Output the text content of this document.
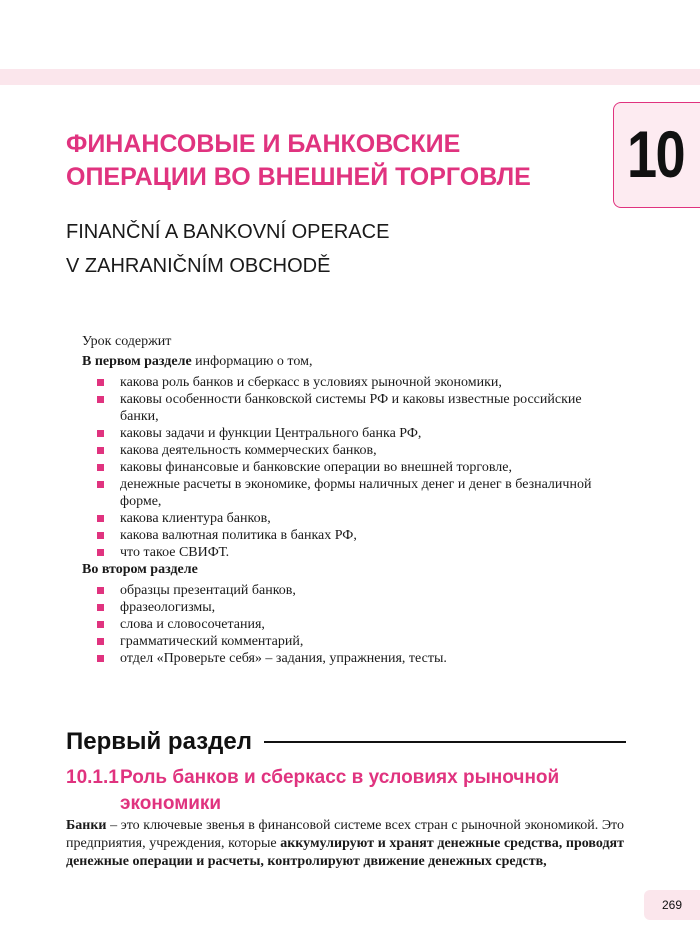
10
ФИНАНСОВЫЕ И БАНКОВСКИЕ
ОПЕРАЦИИ ВО ВНЕШНЕЙ ТОРГОВЛЕ
FINANČNÍ A BANKOVNÍ OPERACE
V ZAHRANIČNÍM OBCHODĚ

Урок содержит

В первом разделе информацию о том,

какова роль банков и сберкасс в условиях рыночной экономики,
каковы особенности банковской системы РФ и каковы известные российские банки,
каковы задачи и функции Центрального банка РФ,
какова деятельность коммерческих банков,
каковы финансовые и банковские операции во внешней торговле,
денежные расчеты в экономике, формы наличных денег и денег в безналичной форме,
какова клиентура банков,
какова валютная политика в банках РФ,
что такое СВИФТ.

Во втором разделе

образцы презентаций банков,
фразеологизмы,
слова и словосочетания,
грамматический комментарий,
отдел «Проверьте себя» – задания, упражнения, тесты.
Первый раздел
10.1.1Роль банков и сберкасс в условиях рыночной
экономики
Банки – это ключевые звенья в финансовой системе всех стран с рыночной экономикой. Это предприятия, учреждения, которые аккумулируют и хранят денежные средства, проводят денежные операции и расчеты, контролируют движение денежных средств,
269
